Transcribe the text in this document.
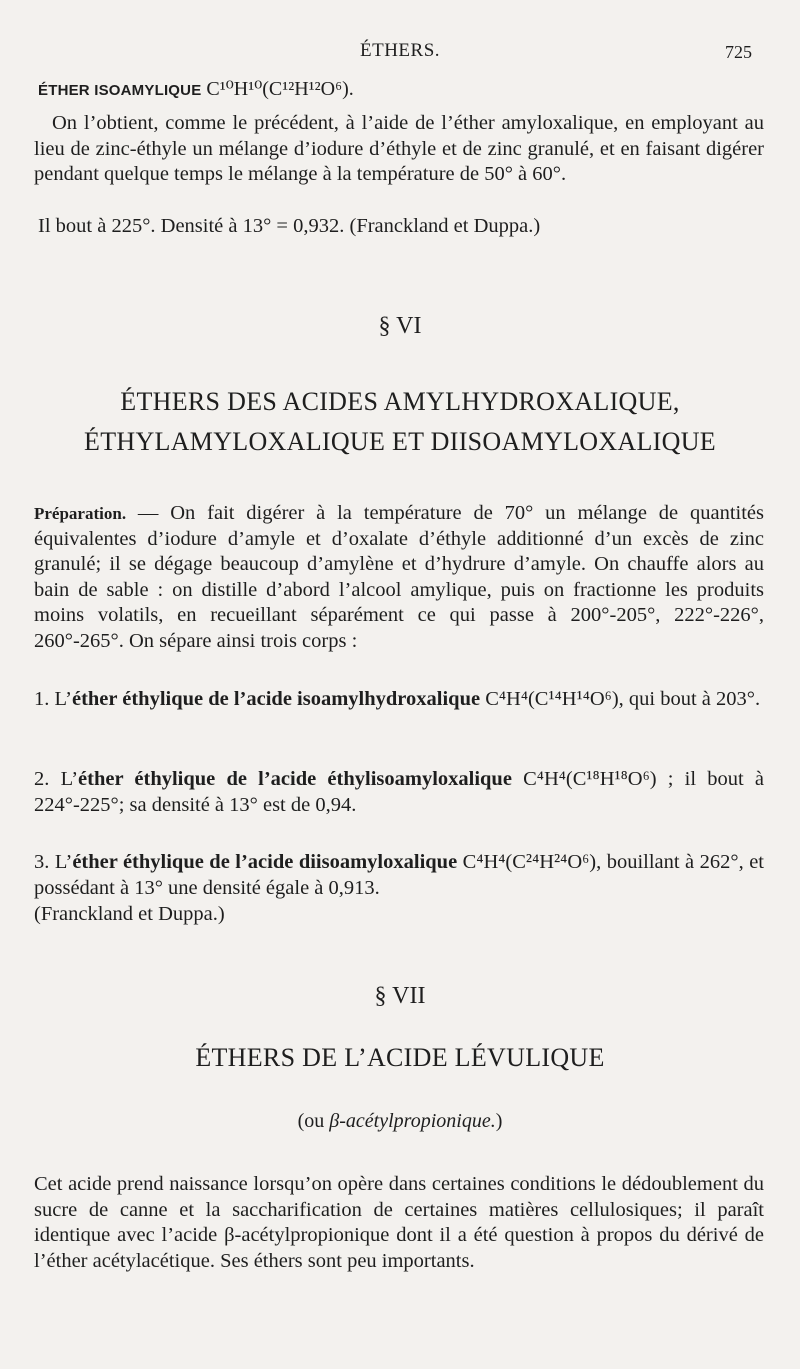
ÉTHERS.	725
ÉTHER ISOAMYLIQUE C¹⁰H¹⁰(C¹²H¹²O⁶).

On l’obtient, comme le précédent, à l’aide de l’éther amyloxalique, en employant au lieu de zinc-éthyle un mélange d’iodure d’éthyle et de zinc granulé, et en faisant digérer pendant quelque temps le mélange à la température de 50° à 60°.

Il bout à 225°. Densité à 13° = 0,932. (Franckland et Duppa.)

§ VI
ÉTHERS DES ACIDES AMYLHYDROXALIQUE,
ÉTHYLAMYLOXALIQUE ET DIISOAMYLOXALIQUE

Préparation. — On fait digérer à la température de 70° un mélange de quantités équivalentes d’iodure d’amyle et d’oxalate d’éthyle additionné d’un excès de zinc granulé; il se dégage beaucoup d’amylène et d’hydrure d’amyle. On chauffe alors au bain de sable : on distille d’abord l’alcool amylique, puis on fractionne les produits moins volatils, en recueillant séparément ce qui passe à 200°-205°, 222°-226°, 260°-265°. On sépare ainsi trois corps :

1. L’éther éthylique de l’acide isoamylhydroxalique C⁴H⁴(C¹⁴H¹⁴O⁶), qui bout à 203°.
2. L’éther éthylique de l’acide éthylisoamyloxalique C⁴H⁴(C¹⁸H¹⁸O⁶) ; il bout à 224°-225°; sa densité à 13° est de 0,94.
3. L’éther éthylique de l’acide diisoamyloxalique C⁴H⁴(C²⁴H²⁴O⁶), bouillant à 262°, et possédant à 13° une densité égale à 0,913.
(Franckland et Duppa.)
§ VII
ÉTHERS DE L’ACIDE LÉVULIQUE
(ou β-acétylpropionique.)

Cet acide prend naissance lorsqu’on opère dans certaines conditions le dédoublement du sucre de canne et la saccharification de certaines matières cellulosiques; il paraît identique avec l’acide β-acétylpropionique dont il a été question à propos du dérivé de l’éther acétylacétique. Ses éthers sont peu importants.
